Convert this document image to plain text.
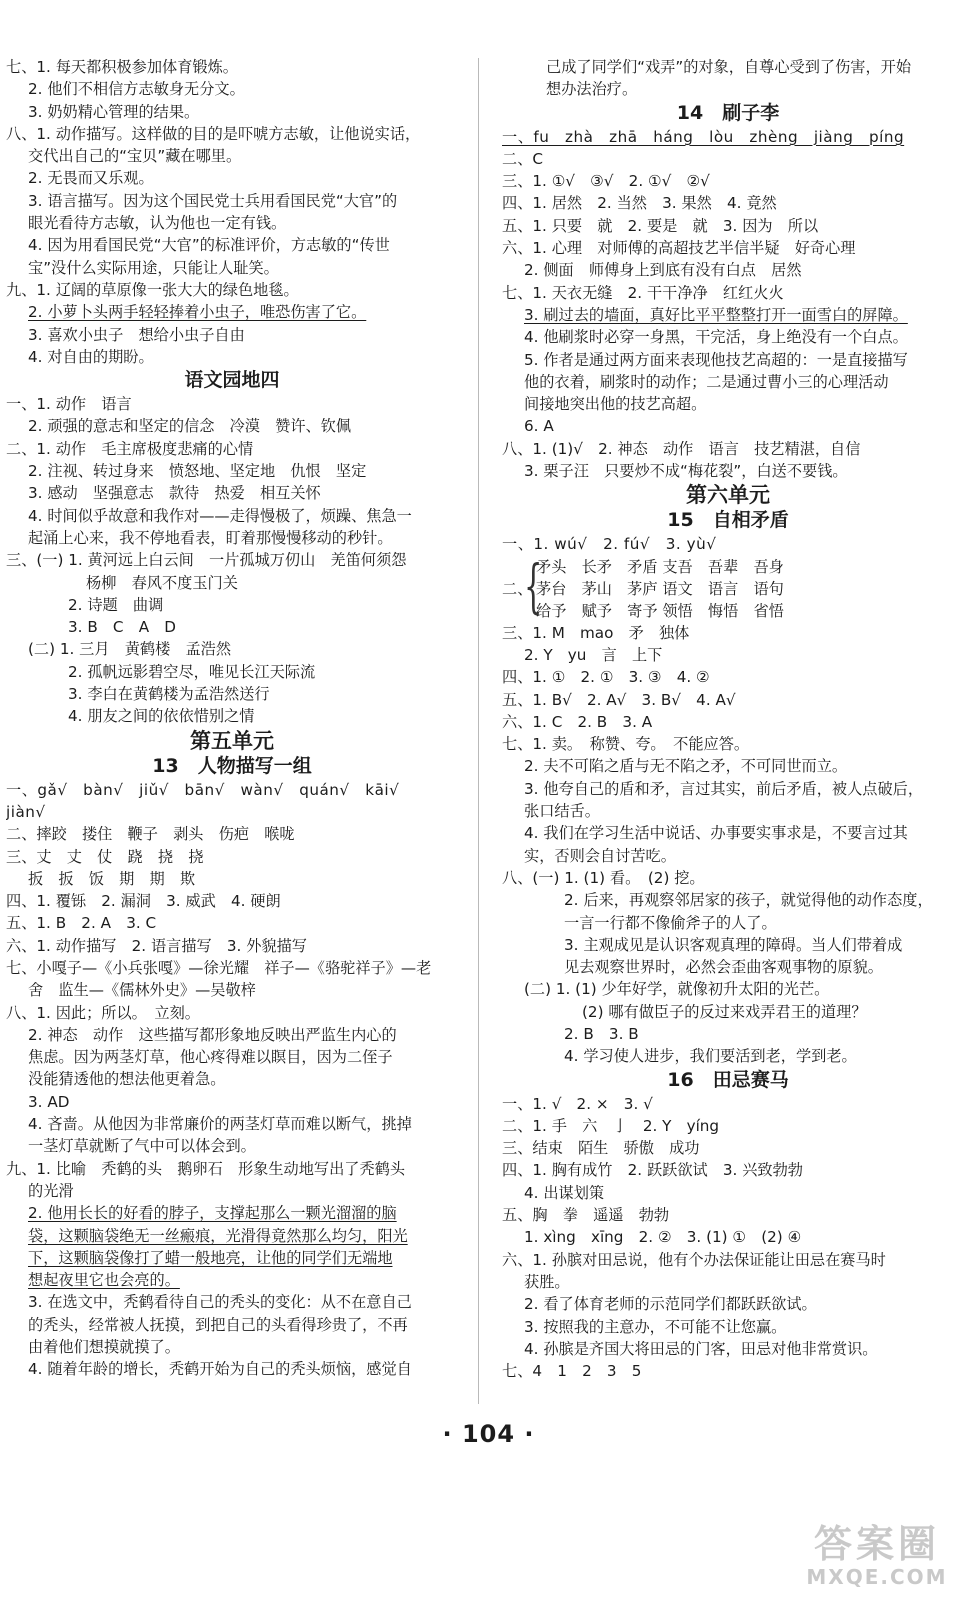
七、1. 每天都积极参加体育锻炼。
2. 他们不相信方志敏身无分文。
3. 奶奶精心管理的结果。
八、1. 动作描写。这样做的目的是吓唬方志敏，让他说实话，
交代出自己的“宝贝”藏在哪里。
2. 无畏而又乐观。
3. 语言描写。因为这个国民党士兵用看国民党“大官”的
眼光看待方志敏，认为他也一定有钱。
4. 因为用看国民党“大官”的标准评价，方志敏的“传世
宝”没什么实际用途，只能让人耻笑。
九、1. 辽阔的草原像一张大大的绿色地毯。
2. 小萝卜头两手轻轻捧着小虫子，唯恐伤害了它。
3. 喜欢小虫子　想给小虫子自由
4. 对自由的期盼。
语文园地四
一、1. 动作　语言
2. 顽强的意志和坚定的信念　冷漠　赞许、钦佩
二、1. 动作　毛主席极度悲痛的心情
2. 注视、转过身来　愤怒地、坚定地　仇恨　坚定
3. 感动　坚强意志　款待　热爱　相互关怀
4. 时间似乎故意和我作对——走得慢极了，烦躁、焦急一
起涌上心来，我不停地看表，盯着那慢慢移动的秒针。
三、(一) 1. 黄河远上白云间　一片孤城万仞山　羌笛何须怨
杨柳　春风不度玉门关
2. 诗题　曲调
3. B　C　A　D
(二) 1. 三月　黄鹤楼　孟浩然
2. 孤帆远影碧空尽，唯见长江天际流
3. 李白在黄鹤楼为孟浩然送行
4. 朋友之间的依依惜别之情
第五单元
13　人物描写一组
一、gǎ√　bàn√　jiǔ√　bān√　wàn√　quán√　kāi√
jiàn√
二、摔跤　搂住　鞭子　剥头　伤疤　喉咙
三、丈　丈　仗　跷　挠　挠
扳　扳　饭　期　期　欺
四、1. 覆铄　2. 漏洞　3. 威武　4. 硬朗
五、1. B　2. A　3. C
六、1. 动作描写　2. 语言描写　3. 外貌描写
七、小嘎子—《小兵张嘎》—徐光耀　祥子—《骆驼祥子》—老
舍　监生—《儒林外史》—吴敬梓
八、1. 因此；所以。　立刻。
2. 神态　动作　这些描写都形象地反映出严监生内心的
焦虑。因为两茎灯草，他心疼得难以瞑目，因为二侄子
没能猜透他的想法他更着急。
3. AD
4. 吝啬。从他因为非常廉价的两茎灯草而难以断气，挑掉
一茎灯草就断了气中可以体会到。
九、1. 比喻　秃鹤的头　鹅卵石　形象生动地写出了秃鹤头
的光滑
2. 他用长长的好看的脖子，支撑起那么一颗光溜溜的脑
袋，这颗脑袋绝无一丝瘢痕，光滑得竟然那么均匀，阳光
下，这颗脑袋像打了蜡一般地亮，让他的同学们无端地
想起夜里它也会亮的。
3. 在选文中，秃鹤看待自己的秃头的变化：从不在意自己
的秃头，经常被人抚摸，到把自己的头看得珍贵了，不再
由着他们想摸就摸了。
4. 随着年龄的增长，秃鹤开始为自己的秃头烦恼，感觉自
己成了同学们“戏弄”的对象，自尊心受到了伤害，开始
想办法治疗。
14　刷子李
一、fu　zhà　zhā　háng　lòu　zhèng　jiàng　píng
二、C
三、1. ①√　③√　2. ①√　②√
四、1. 居然　2. 当然　3. 果然　4. 竟然
五、1. 只要　就　2. 要是　就　3. 因为　所以
六、1. 心理　对师傅的高超技艺半信半疑　好奇心理
2. 侧面　师傅身上到底有没有白点　居然
七、1. 天衣无缝　2. 干干净净　红红火火
3. 刷过去的墙面，真好比平平整整打开一面雪白的屏障。
4. 他刷浆时必穿一身黑，干完活，身上绝没有一个白点。
5. 作者是通过两方面来表现他技艺高超的：一是直接描写
他的衣着，刷浆时的动作；二是通过曹小三的心理活动
间接地突出他的技艺高超。
6. A
八、1. (1)√　2. 神态　动作　语言　技艺精湛，自信
3. 栗子汪　只要炒不成“梅花裂”，白送不要钱。
第六单元
15　自相矛盾
一、1. wú√　2. fú√　3. yù√
二、
{
矛头　长矛　矛盾 支吾　吾辈　吾身
茅台　茅山　茅庐 语文　语言　语句
给予　赋予　寄予 领悟　悔悟　省悟
三、1. M　mao　矛　独体
2. Y　yu　言　上下
四、1. ①　2. ①　3. ③　4. ②
五、1. B√　2. A√　3. B√　4. A√
六、1. C　2. B　3. A
七、1. 卖。　称赞、夸。　不能应答。
2. 夫不可陷之盾与无不陷之矛，不可同世而立。
3. 他夸自己的盾和矛，言过其实，前后矛盾，被人点破后，
张口结舌。
4. 我们在学习生活中说话、办事要实事求是，不要言过其
实，否则会自讨苦吃。
八、(一) 1. (1) 看。　(2) 挖。
2. 后来，再观察邻居家的孩子，就觉得他的动作态度，
一言一行都不像偷斧子的人了。
3. 主观成见是认识客观真理的障碍。当人们带着成
见去观察世界时，必然会歪曲客观事物的原貌。
(二) 1. (1) 少年好学，就像初升太阳的光芒。
(2) 哪有做臣子的反过来戏弄君王的道理？
2. B　3. B
4. 学习使人进步，我们要活到老，学到老。
16　田忌赛马
一、1. √　2. ×　3. √
二、1. 手　六　亅　2. Y　yíng
三、结束　陌生　骄傲　成功
四、1. 胸有成竹　2. 跃跃欲试　3. 兴致勃勃
4. 出谋划策
五、胸　拳　遥遥　勃勃
1. xìng　xīng　2. ②　3. (1) ①　(2) ④
六、1. 孙膑对田忌说，他有个办法保证能让田忌在赛马时
获胜。
2. 看了体育老师的示范同学们都跃跃欲试。
3. 按照我的主意办，不可能不让您赢。
4. 孙膑是齐国大将田忌的门客，田忌对他非常赏识。
七、4　1　2　3　5
· 104 ·
答案圈
MXQE.COM
